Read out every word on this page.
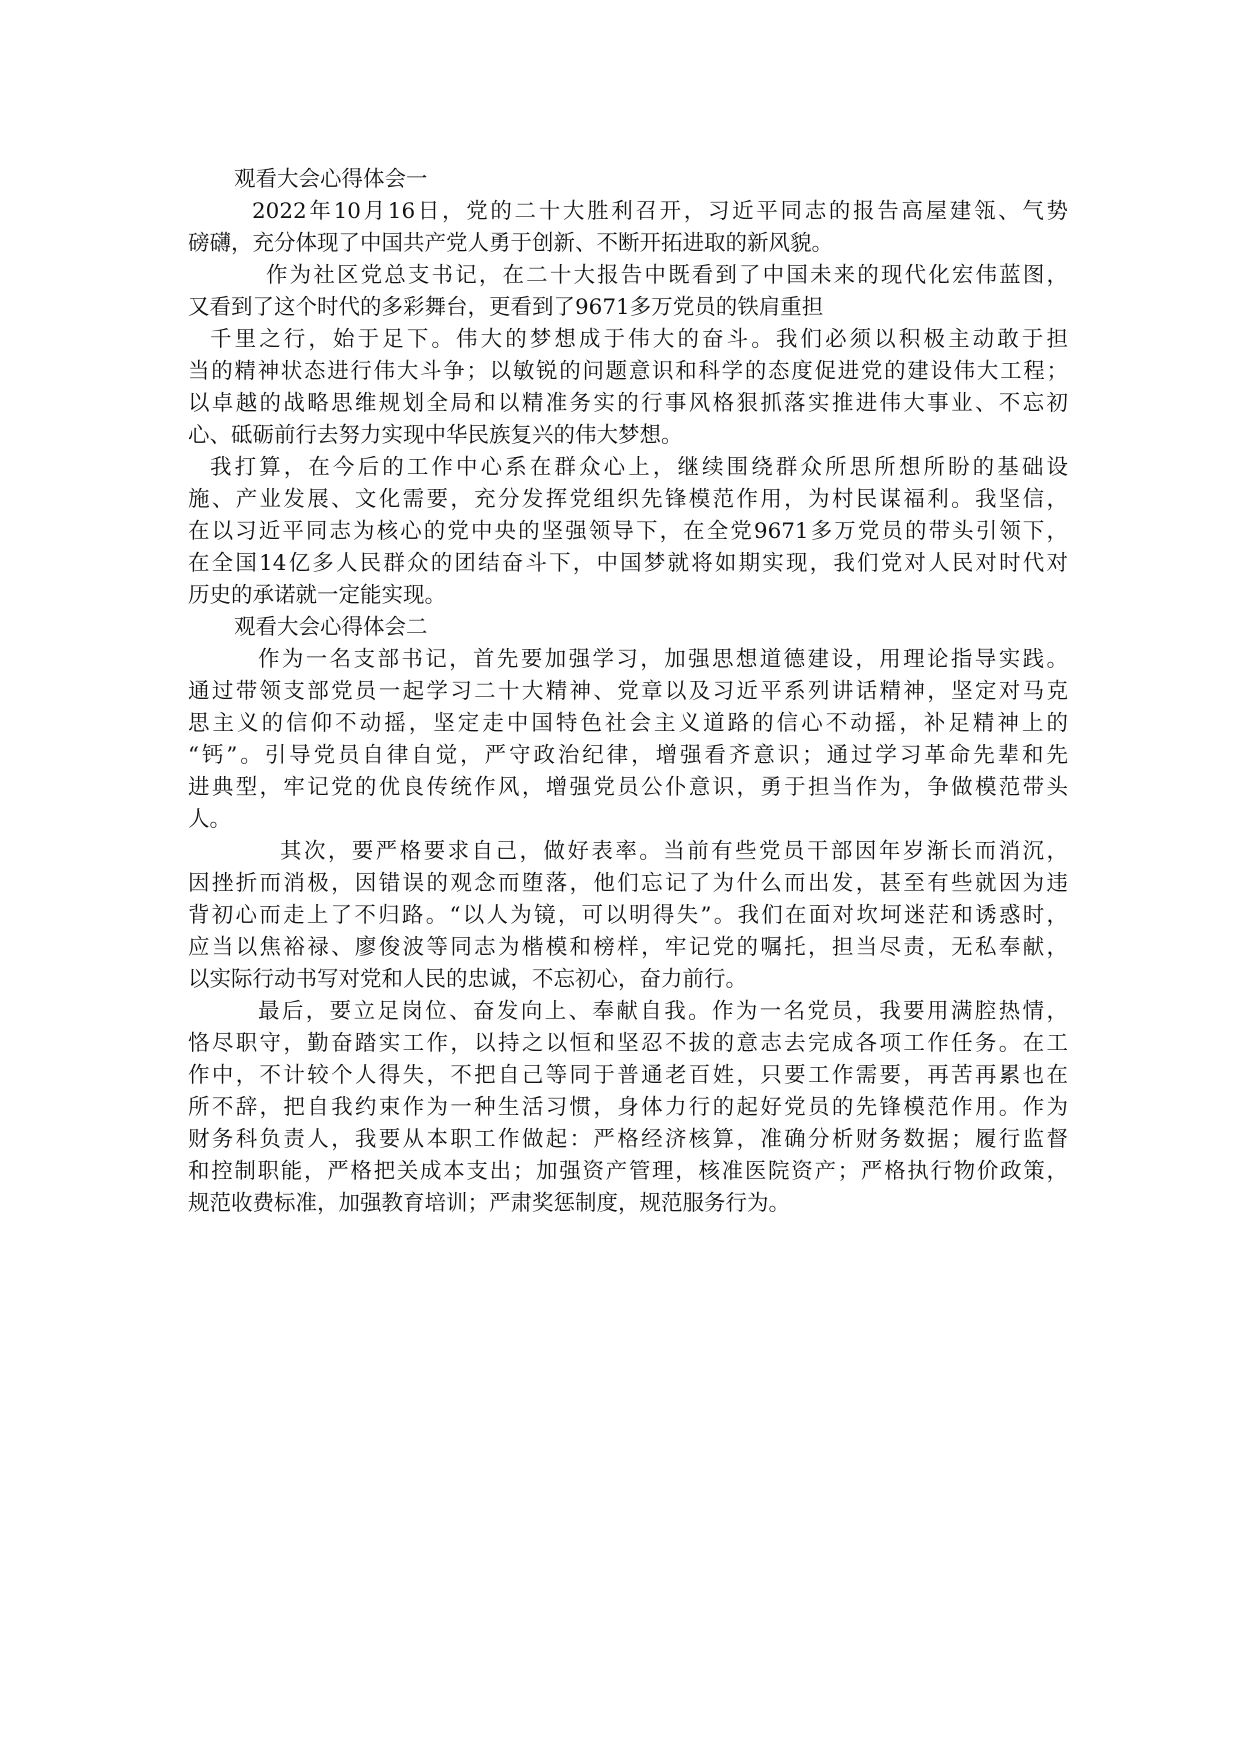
观看大会心得体会一
2022年10月16日，党的二十大胜利召开，习近平同志的报告高屋建瓴、气势
磅礴，充分体现了中国共产党人勇于创新、不断开拓进取的新风貌。
作为社区党总支书记，在二十大报告中既看到了中国未来的现代化宏伟蓝图，
又看到了这个时代的多彩舞台，更看到了9671多万党员的铁肩重担
千里之行，始于足下。伟大的梦想成于伟大的奋斗。我们必须以积极主动敢于担
当的精神状态进行伟大斗争；以敏锐的问题意识和科学的态度促进党的建设伟大工程；
以卓越的战略思维规划全局和以精准务实的行事风格狠抓落实推进伟大事业、不忘初
心、砥砺前行去努力实现中华民族复兴的伟大梦想。
我打算，在今后的工作中心系在群众心上，继续围绕群众所思所想所盼的基础设
施、产业发展、文化需要，充分发挥党组织先锋模范作用，为村民谋福利。我坚信，
在以习近平同志为核心的党中央的坚强领导下，在全党9671多万党员的带头引领下，
在全国14亿多人民群众的团结奋斗下，中国梦就将如期实现，我们党对人民对时代对
历史的承诺就一定能实现。
观看大会心得体会二
作为一名支部书记，首先要加强学习，加强思想道德建设，用理论指导实践。
通过带领支部党员一起学习二十大精神、党章以及习近平系列讲话精神，坚定对马克
思主义的信仰不动摇，坚定走中国特色社会主义道路的信心不动摇，补足精神上的
“钙”。引导党员自律自觉，严守政治纪律，增强看齐意识；通过学习革命先辈和先
进典型，牢记党的优良传统作风，增强党员公仆意识，勇于担当作为，争做模范带头
人。
其次，要严格要求自己，做好表率。当前有些党员干部因年岁渐长而消沉，
因挫折而消极，因错误的观念而堕落，他们忘记了为什么而出发，甚至有些就因为违
背初心而走上了不归路。“以人为镜，可以明得失”。我们在面对坎坷迷茫和诱惑时，
应当以焦裕禄、廖俊波等同志为楷模和榜样，牢记党的嘱托，担当尽责，无私奉献，
以实际行动书写对党和人民的忠诚，不忘初心，奋力前行。
最后，要立足岗位、奋发向上、奉献自我。作为一名党员，我要用满腔热情，
恪尽职守，勤奋踏实工作，以持之以恒和坚忍不拔的意志去完成各项工作任务。在工
作中，不计较个人得失，不把自己等同于普通老百姓，只要工作需要，再苦再累也在
所不辞，把自我约束作为一种生活习惯，身体力行的起好党员的先锋模范作用。作为
财务科负责人，我要从本职工作做起：严格经济核算，准确分析财务数据；履行监督
和控制职能，严格把关成本支出；加强资产管理，核准医院资产；严格执行物价政策，
规范收费标准，加强教育培训；严肃奖惩制度，规范服务行为。
